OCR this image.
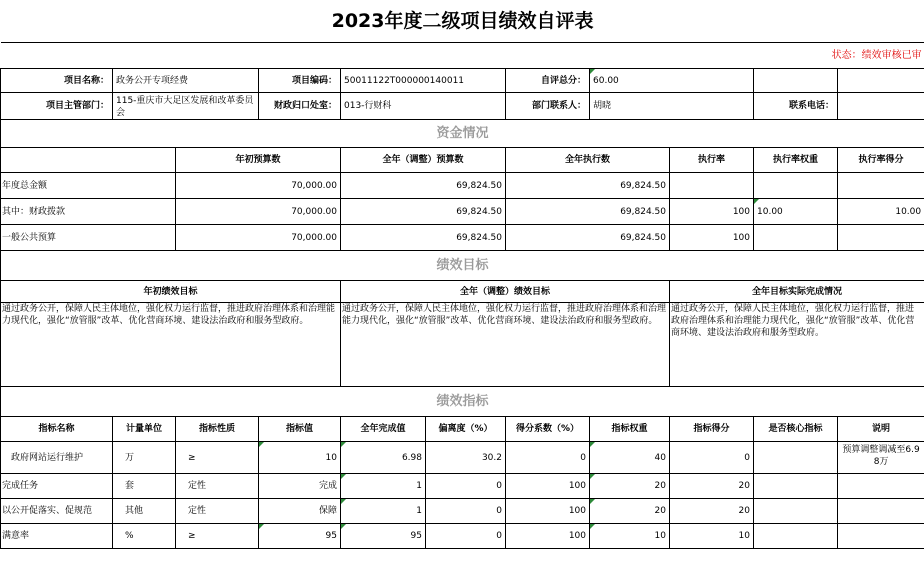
2023年度二级项目绩效自评表										
状态：绩效审核已审										
项目名称：	政务公开专项经费		项目编码：	50011122T000000140011		自评总分：	60.00			
项目主管部门：	115-重庆市大足区发展和改革委员会		财政归口处室：	013-行财科		部门联系人：	胡晓		联系电话：	
资金情况										
		年初预算数		全年（调整）预算数		全年执行数		执行率	执行率权重	执行率得分
年度总金额		70,000.00		69,824.50		69,824.50				
其中：财政拨款		70,000.00		69,824.50		69,824.50		100	10.00	10.00
一般公共预算		70,000.00		69,824.50		69,824.50		100		
绩效目标										
年初绩效目标				全年（调整）绩效目标				全年目标实际完成情况		
通过政务公开，保障人民主体地位，强化权力运行监督，推进政府治理体系和治理能力现代化，强化“放管服”改革、优化营商环境、建设法治政府和服务型政府。				通过政务公开，保障人民主体地位，强化权力运行监督，推进政府治理体系和治理能力现代化，强化“放管服”改革、优化营商环境、建设法治政府和服务型政府。				通过政务公开，保障人民主体地位，强化权力运行监督，推进政府治理体系和治理能力现代化，强化“放管服”改革、优化营商环境、建设法治政府和服务型政府。		
绩效指标										
指标名称	计量单位	指标性质	指标值	全年完成值	偏离度（%）	得分系数（%）	指标权重	指标得分	是否核心指标	说明
政府网站运行维护	万	≥	10	6.98	30.2	0	40	0		预算调整调减至6.98万
完成任务	套	定性	完成	1	0	100	20	20		
以公开促落实、促规范	其他	定性	保障	1	0	100	20	20		
满意率	%	≥	95	95	0	100	10	10		
